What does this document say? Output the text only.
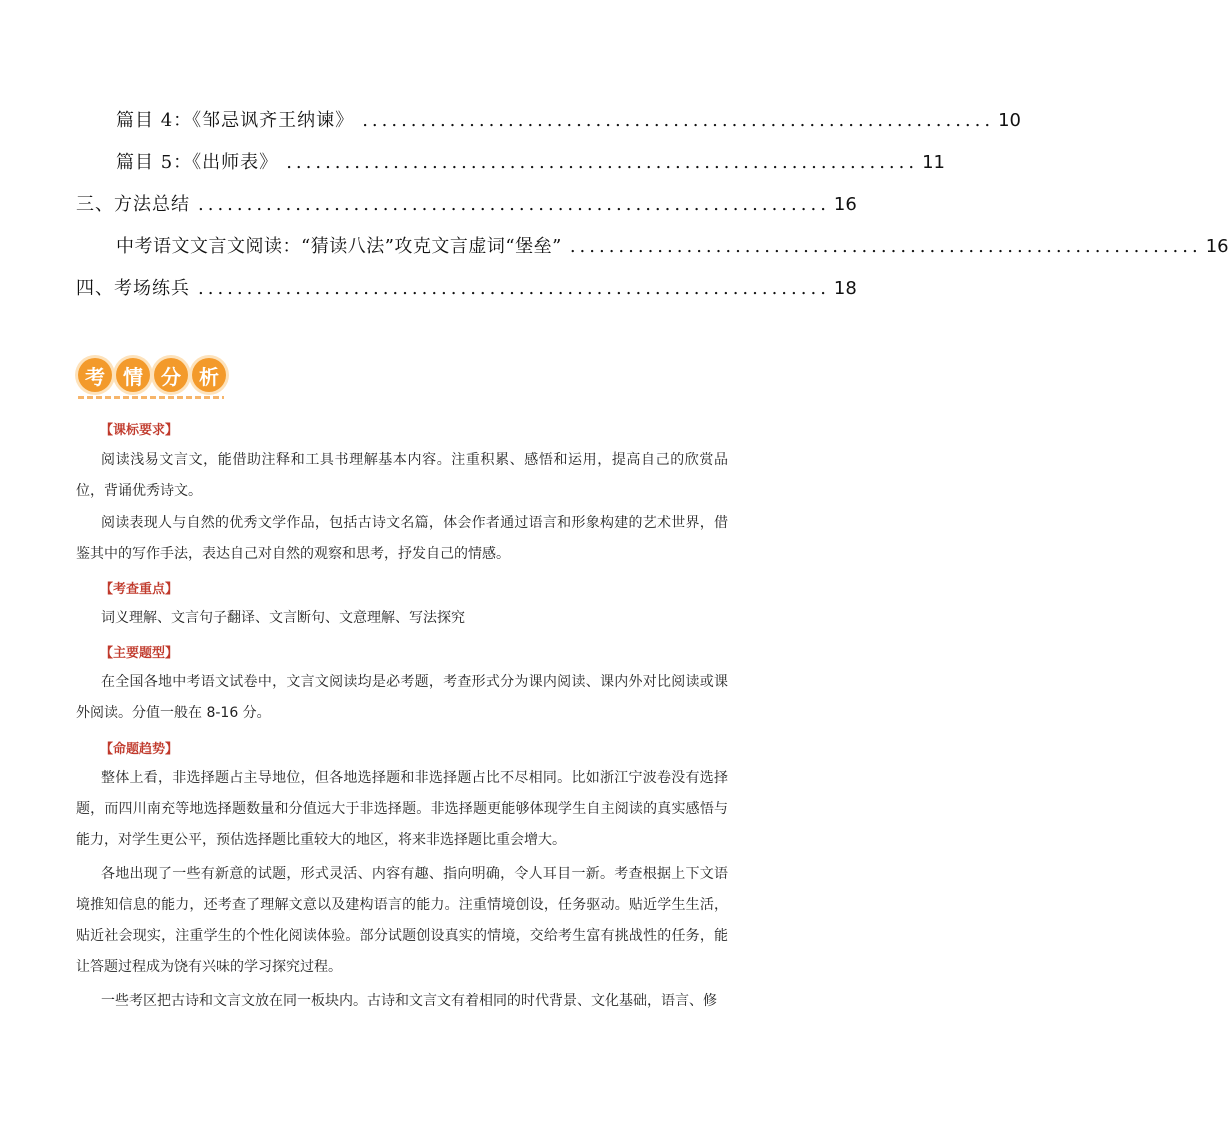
篇目 4：《邹忌讽齐王纳谏》 ................................................................. 10
篇目 5：《出师表》 ................................................................. 11
三、方法总结 ................................................................. 16
中考语文文言文阅读：“猜读八法”攻克文言虚词“堡垒” ................................................................. 16
四、考场练兵 ................................................................. 18
考 情 分 析
【课标要求】
阅读浅易文言文，能借助注释和工具书理解基本内容。注重积累、感悟和运用，提高自己的欣赏品位，背诵优秀诗文。
阅读表现人与自然的优秀文学作品，包括古诗文名篇，体会作者通过语言和形象构建的艺术世界，借鉴其中的写作手法，表达自己对自然的观察和思考，抒发自己的情感。
【考查重点】
词义理解、文言句子翻译、文言断句、文意理解、写法探究
【主要题型】
在全国各地中考语文试卷中，文言文阅读均是必考题，考查形式分为课内阅读、课内外对比阅读或课外阅读。分值一般在 8-16 分。
【命题趋势】
整体上看，非选择题占主导地位，但各地选择题和非选择题占比不尽相同。比如浙江宁波卷没有选择题，而四川南充等地选择题数量和分值远大于非选择题。非选择题更能够体现学生自主阅读的真实感悟与能力，对学生更公平，预估选择题比重较大的地区，将来非选择题比重会增大。
各地出现了一些有新意的试题，形式灵活、内容有趣、指向明确，令人耳目一新。考查根据上下文语境推知信息的能力，还考查了理解文意以及建构语言的能力。注重情境创设，任务驱动。贴近学生生活，贴近社会现实，注重学生的个性化阅读体验。部分试题创设真实的情境，交给考生富有挑战性的任务，能让答题过程成为饶有兴味的学习探究过程。
一些考区把古诗和文言文放在同一板块内。古诗和文言文有着相同的时代背景、文化基础，语言、修
